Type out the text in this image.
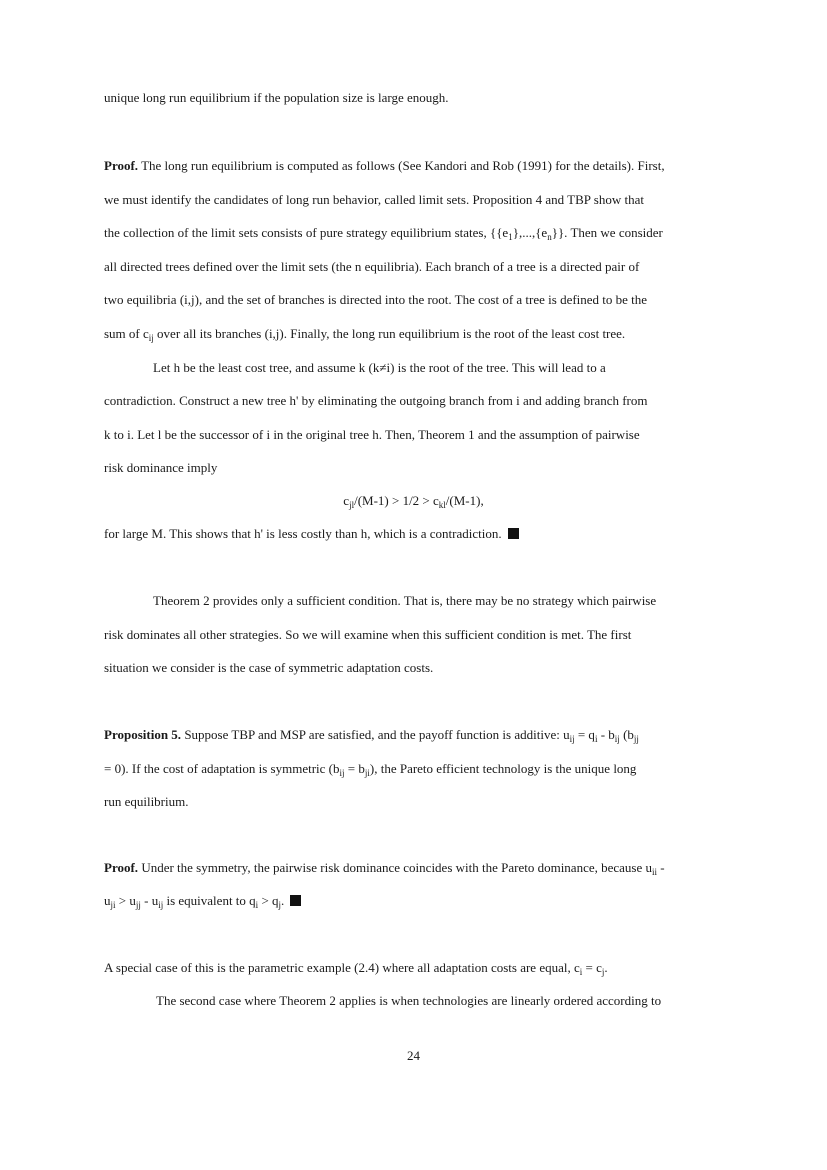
unique long run equilibrium if the population size is large enough.
Proof. The long run equilibrium is computed as follows (See Kandori and Rob (1991) for the details). First,
we must identify the candidates of long run behavior, called limit sets. Proposition 4 and TBP show that
the collection of the limit sets consists of pure strategy equilibrium states, $\{\{e_1\},...,\{e_n\}\}$. Then we consider
all directed trees defined over the limit sets (the n equilibria). Each branch of a tree is a directed pair of
two equilibria (i,j), and the set of branches is directed into the root. The cost of a tree is defined to be the
sum of $c_{ij}$ over all its branches (i,j). Finally, the long run equilibrium is the root of the least cost tree.
Let h be the least cost tree, and assume k (k≠i) is the root of the tree. This will lead to a
contradiction. Construct a new tree h' by eliminating the outgoing branch from i and adding branch from
k to i. Let l be the successor of i in the original tree h. Then, Theorem 1 and the assumption of pairwise
risk dominance imply
$c_{jl}/(M-1) > 1/2 > c_{kl}/(M-1)$,
for large M. This shows that h' is less costly than h, which is a contradiction.
Theorem 2 provides only a sufficient condition. That is, there may be no strategy which pairwise
risk dominates all other strategies. So we will examine when this sufficient condition is met. The first
situation we consider is the case of symmetric adaptation costs.
Proposition 5. Suppose TBP and MSP are satisfied, and the payoff function is additive: $u_{ij} = q_i - b_{ij}$ ($b_{jj}$
= 0). If the cost of adaptation is symmetric $(b_{ij} = b_{ji})$, the Pareto efficient technology is the unique long
run equilibrium.
Proof. Under the symmetry, the pairwise risk dominance coincides with the Pareto dominance, because $u_{ii}$ -
$u_{ji} > u_{jj} - u_{ij}$ is equivalent to $q_i > q_j$.
A special case of this is the parametric example (2.4) where all adaptation costs are equal, $c_i = c_j$.
The second case where Theorem 2 applies is when technologies are linearly ordered according to
24
